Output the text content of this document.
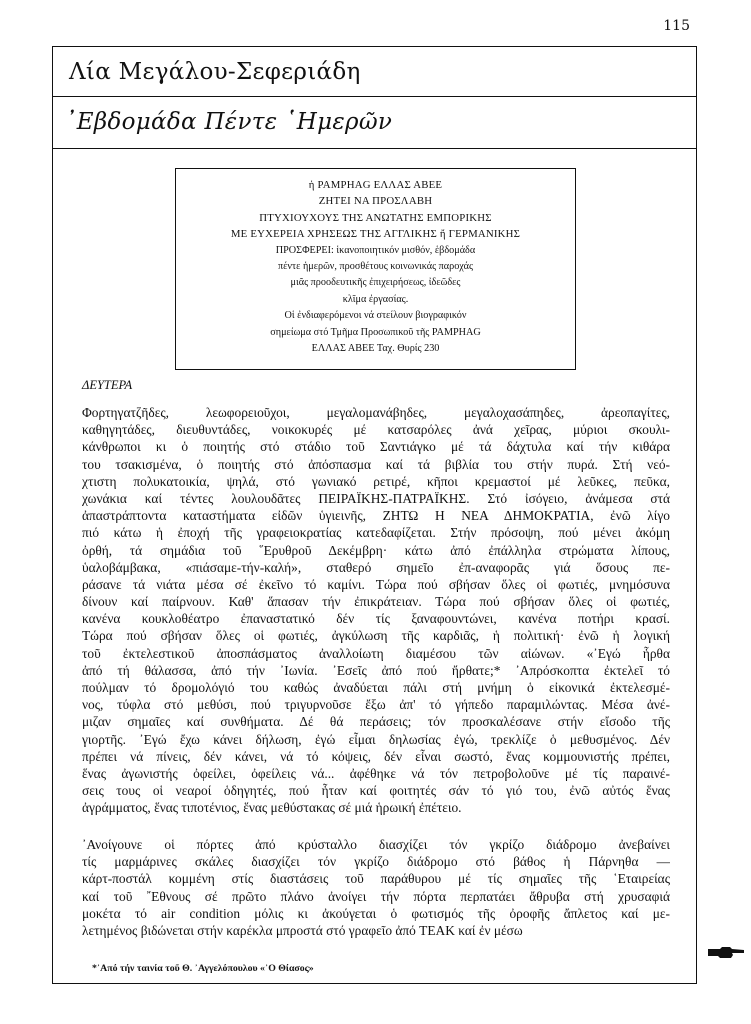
115
Λία Μεγάλου-Σεφεριάδη
᾿Εβδομάδα Πέντε ῾Ημερῶν
ἡ PAMPHAG ΕΛΛΑΣ ΑΒΕΕ
ΖΗΤΕΙ ΝΑ ΠΡΟΣΛΑΒΗ
ΠΤΥΧΙΟΥΧΟΥΣ ΤΗΣ ΑΝΩΤΑΤΗΣ ΕΜΠΟΡΙΚΗΣ
ΜΕ ΕΥΧΕΡΕΙΑ ΧΡΗΣΕΩΣ ΤΗΣ ΑΓΓΛΙΚΗΣ ἤ ΓΕΡΜΑΝΙΚΗΣ
ΠΡΟΣΦΕΡΕΙ: ἱκανοποιητικόν μισθόν, ἑβδομάδα
πέντε ἡμερῶν, προσθέτους κοινωνικάς παροχάς
μιᾶς προοδευτικῆς ἐπιχειρήσεως, ἰδεῶδες
κλῖμα ἐργασίας.
Οἱ ἐνδιαφερόμενοι νά στείλουν βιογραφικόν
σημείωμα στό Τμῆμα Προσωπικοῦ τῆς PAMPHAG
ΕΛΛΑΣ ΑΒΕΕ Ταχ. Θυρίς 230
ΔΕΥΤΕΡΑ
Φορτηγατζῆδες, λεωφορειοῦχοι, μεγαλομανάβηδες, μεγαλοχασάπηδες, ἀρεοπαγίτες,
καθηγητάδες, διευθυντάδες, νοικοκυρές μέ κατσαρόλες ἀνά χεῖρας, μύριοι σκουλι-
κάνθρωποι κι ὁ ποιητής στό στάδιο τοῦ Σαντιάγκο μέ τά δάχτυλα καί τήν κιθάρα
του τσακισμένα, ὁ ποιητής στό ἀπόσπασμα καί τά βιβλία του στήν πυρά. Στή νεό-
χτιστη πολυκατοικία, ψηλά, στό γωνιακό ρετιρέ, κῆποι κρεμαστοί μέ λεῦκες, πεῦκα,
χωνάκια καί τέντες λουλουδᾶτες ΠΕΙΡΑΪΚΗΣ-ΠΑΤΡΑΪΚΗΣ. Στό ἰσόγειο, ἀνάμεσα στά
ἀπαστράπτοντα καταστήματα εἰδῶν ὑγιεινῆς, ΖΗΤΩ Η ΝΕΑ ΔΗΜΟΚΡΑΤΙΑ, ἐνῶ λίγο
πιό κάτω ἡ ἐποχή τῆς γραφειοκρατίας κατεδαφίζεται. Στήν πρόσοψη, πού μένει ἀκόμη
ὀρθή, τά σημάδια τοῦ ῞Ερυθροῦ Δεκέμβρη· κάτω ἀπό ἐπάλληλα στρώματα λίπους,
ὑαλοβάμβακα, «πιάσαμε-τήν-καλή», σταθερό σημεῖο ἐπ-αναφορᾶς γιά ὅσους πε-
ράσανε τά νιάτα μέσα σέ ἐκεῖνο τό καμίνι. Τώρα πού σβήσαν ὅλες οἱ φωτιές, μνημόσυνα
δίνουν καί παίρνουν. Καθ' ἅπασαν τήν ἐπικράτειαν. Τώρα πού σβήσαν ὅλες οἱ φωτιές,
κανένα κουκλοθέατρο ἐπαναστατικό δέν τίς ξαναφουντώνει, κανένα ποτήρι κρασί.
Τώρα πού σβήσαν ὅλες οἱ φωτιές, ἀγκύλωση τῆς καρδιᾶς, ἡ πολιτική· ἐνῶ ἡ λογική
τοῦ ἐκτελεστικοῦ ἀποσπάσματος ἀναλλοίωτη διαμέσου τῶν αἰώνων. «᾿Εγώ ἦρθα
ἀπό τή θάλασσα, ἀπό τήν ᾿Ιωνία. ᾿Εσεῖς ἀπό πού ἤρθατε;* ᾿Απρόσκοπτα ἐκτελεῖ τό
πούλμαν τό δρομολόγιό του καθώς ἀναδύεται πάλι στή μνήμη ὁ εἰκονικά ἐκτελεσμέ-
νος, τύφλα στό μεθύσι, πού τριγυρνοῦσε ἔξω ἀπ' τό γήπεδο παραμιλώντας. Μέσα ἀνέ-
μιζαν σημαῖες καί συνθήματα. Δέ θά περάσεις; τόν προσκαλέσανε στήν εἴσοδο τῆς
γιορτῆς. ᾿Εγώ ἔχω κάνει δήλωση, ἐγώ εἶμαι δηλωσίας ἐγώ, τρεκλίζε ὁ μεθυσμένος. Δέν
πρέπει νά πίνεις, δέν κάνει, νά τό κόψεις, δέν εἶναι σωστό, ἕνας κομμουνιστής πρέπει,
ἕνας ἀγωνιστής ὀφείλει, ὀφείλεις νά... ἀφέθηκε νά τόν πετροβολοῦνε μέ τίς παραινέ-
σεις τους οἱ νεαροί ὁδηγητές, πού ἦταν καί φοιτητές σάν τό γιό του, ἐνῶ αὐτός ἕνας
ἀγράμματος, ἕνας τιποτένιος, ἕνας μεθύστακας σέ μιά ἡρωική ἐπέτειο.
᾿Ανοίγουνε οἱ πόρτες ἀπό κρύσταλλο διασχίζει τόν γκρίζο διάδρομο ἀνεβαίνει
τίς μαρμάρινες σκάλες διασχίζει τόν γκρίζο διάδρομο στό βάθος ἡ Πάρνηθα —
κάρτ-ποστάλ κομμένη στίς διαστάσεις τοῦ παράθυρου μέ τίς σημαῖες τῆς ῾Εταιρείας
καί τοῦ ῎Εθνους σέ πρῶτο πλάνο ἀνοίγει τήν πόρτα περπατάει ἄθρυβα στή χρυσαφιά
μοκέτα τό air condition μόλις κι ἀκούγεται ὁ φωτισμός τῆς ὀροφῆς ἄπλετος καί με-
λετημένος βιδώνεται στήν καρέκλα μπροστά στό γραφεῖο ἀπό TEAK καί ἐν μέσω
*᾿Από τήν ταινία τοῦ Θ. ᾿Αγγελόπουλου «᾿Ο Θίασος»
